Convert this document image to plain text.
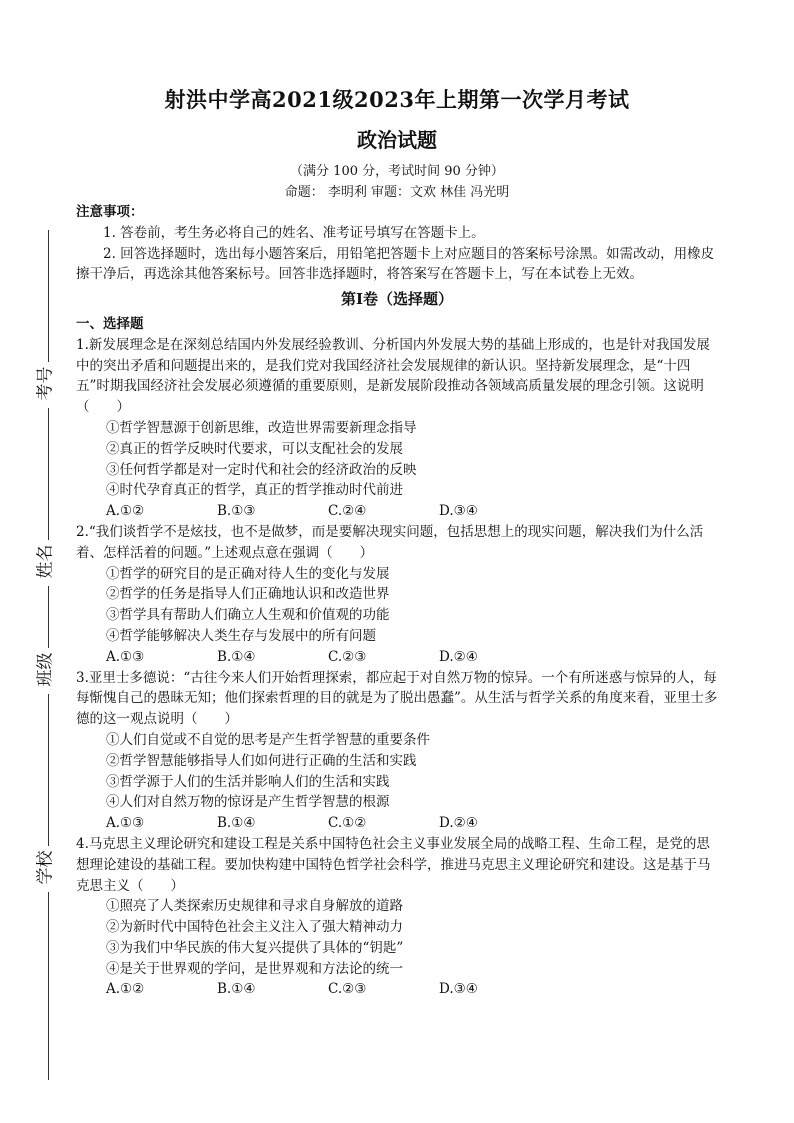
考号
姓名
班级
学校
射洪中学高2021级2023年上期第一次学月考试
政治试题
（满分 100 分，考试时间 90 分钟）
命题： 李明利 审题：文欢 林佳 冯光明

注意事项：

1. 答卷前，考生务必将自己的姓名、准考证号填写在答题卡上。

2. 回答选择题时，选出每小题答案后，用铅笔把答题卡上对应题目的答案标号涂黑。如需改动，用橡皮擦干净后，再选涂其他答案标号。回答非选择题时，将答案写在答题卡上，写在本试卷上无效。

第Ⅰ卷（选择题）

一、选择题

1.新发展理念是在深刻总结国内外发展经验教训、分析国内外发展大势的基础上形成的，也是针对我国发展中的突出矛盾和问题提出来的，是我们党对我国经济社会发展规律的新认识。坚持新发展理念，是“十四五”时期我国经济社会发展必须遵循的重要原则，是新发展阶段推动各领域高质量发展的理念引领。这说明（　　）

①哲学智慧源于创新思维，改造世界需要新理念指导

②真正的哲学反映时代要求，可以支配社会的发展

③任何哲学都是对一定时代和社会的经济政治的反映

④时代孕育真正的哲学，真正的哲学推动时代前进

A.①②	B.①③	C.②④	D.③④

2.“我们谈哲学不是炫技，也不是做梦，而是要解决现实问题，包括思想上的现实问题，解决我们为什么活着、怎样活着的问题。”上述观点意在强调（　　）

①哲学的研究目的是正确对待人生的变化与发展

②哲学的任务是指导人们正确地认识和改造世界

③哲学具有帮助人们确立人生观和价值观的功能

④哲学能够解决人类生存与发展中的所有问题

A.①③	B.①④	C.②③	D.②④

3.亚里士多德说：“古往今来人们开始哲理探索，都应起于对自然万物的惊异。一个有所迷惑与惊异的人，每每惭愧自己的愚昧无知；他们探索哲理的目的就是为了脱出愚蠢”。从生活与哲学关系的角度来看，亚里士多德的这一观点说明（　　）

①人们自觉或不自觉的思考是产生哲学智慧的重要条件

②哲学智慧能够指导人们如何进行正确的生活和实践

③哲学源于人们的生活并影响人们的生活和实践

④人们对自然万物的惊讶是产生哲学智慧的根源

A.①③	B.①④	C.①②	D.②④

4.马克思主义理论研究和建设工程是关系中国特色社会主义事业发展全局的战略工程、生命工程，是党的思想理论建设的基础工程。要加快构建中国特色哲学社会科学，推进马克思主义理论研究和建设。这是基于马克思主义（　　）

①照亮了人类探索历史规律和寻求自身解放的道路

②为新时代中国特色社会主义注入了强大精神动力

③为我们中华民族的伟大复兴提供了具体的“钥匙”

④是关于世界观的学问，是世界观和方法论的统一

A.①②	B.①④	C.②③	D.③④
